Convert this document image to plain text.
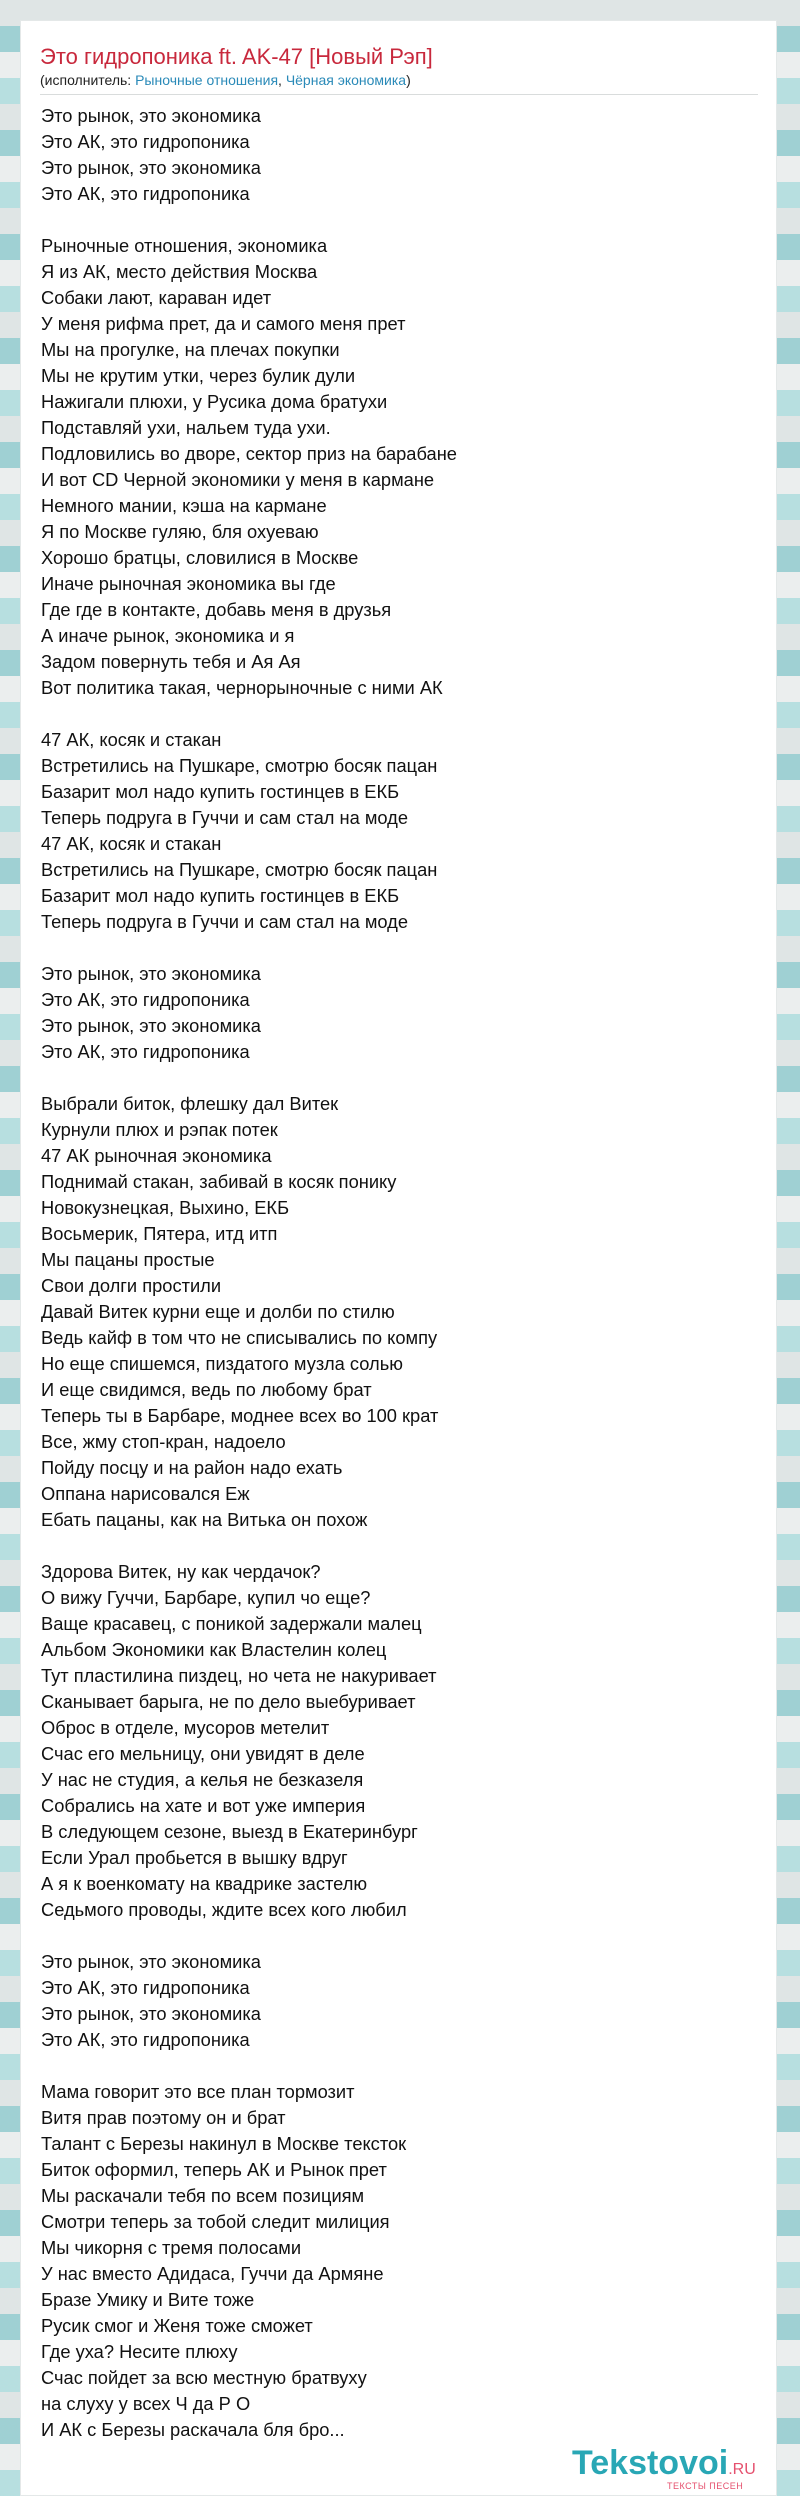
Это гидропоника ft. AK-47 [Новый Рэп]
(исполнитель: Рыночные отношения, Чёрная экономика)
Это рынок, это экономика
Это АК, это гидропоника
Это рынок, это экономика
Это АК, это гидропоника
Рыночные отношения, экономика
Я из АК, место действия Москва
Собаки лают, караван идет
У меня рифма прет, да и самого меня прет
Мы на прогулке, на плечах покупки
Мы не крутим утки, через булик дули
Нажигали плюхи, у Русика дома братухи
Подставляй ухи, нальем туда ухи.
Подловились во дворе, сектор приз на барабане
И вот CD Черной экономики у меня в кармане
Немного мании, кэша на кармане
Я по Москве гуляю, бля охуеваю
Хорошо братцы, словилися в Москве
Иначе рыночная экономика вы где
Где где в контакте, добавь меня в друзья
А иначе рынок, экономика и я
Задом повернуть тебя и Ая Ая
Вот политика такая, чернорыночные с ними АК
47 АК, косяк и стакан
Встретились на Пушкаре, смотрю босяк пацан
Базарит мол надо купить гостинцев в ЕКБ
Теперь подруга в Гуччи и сам стал на моде
47 АК, косяк и стакан
Встретились на Пушкаре, смотрю босяк пацан
Базарит мол надо купить гостинцев в ЕКБ
Теперь подруга в Гуччи и сам стал на моде
Это рынок, это экономика
Это АК, это гидропоника
Это рынок, это экономика
Это АК, это гидропоника
Выбрали биток, флешку дал Витек
Курнули плюх и рэпак потек
47 АК рыночная экономика
Поднимай стакан, забивай в косяк понику
Новокузнецкая, Выхино, ЕКБ
Восьмерик, Пятера, итд итп
Мы пацаны простые
Свои долги простили
Давай Витек курни еще и долби по стилю
Ведь кайф в том что не списывались по компу
Но еще спишемся, пиздатого музла солью
И еще свидимся, ведь по любому брат
Теперь ты в Барбаре, моднее всех во 100 крат
Все, жму стоп-кран, надоело
Пойду посцу и на район надо ехать
Оппана нарисовался Еж
Ебать пацаны, как на Витька он похож
Здорова Витек, ну как чердачок?
О вижу Гуччи, Барбаре, купил чо еще?
Ваще красавец, с поникой задержали малец
Альбом Экономики как Властелин колец
Тут пластилина пиздец, но чета не накуривает
Сканывает барыга, не по дело выебуривает
Оброс в отделе, мусоров метелит
Счас его мельницу, они увидят в деле
У нас не студия, а келья не безказеля
Собрались на хате и вот уже империя
В следующем сезоне, выезд в Екатеринбург
Если Урал пробьется в вышку вдруг
А я к военкомату на квадрике застелю
Седьмого проводы, ждите всех кого любил
Это рынок, это экономика
Это АК, это гидропоника
Это рынок, это экономика
Это АК, это гидропоника
Мама говорит это все план тормозит
Витя прав поэтому он и брат
Талант с Березы накинул в Москве тексток
Биток оформил, теперь АК и Рынок прет
Мы раскачали тебя по всем позициям
Смотри теперь за тобой следит милиция
Мы чикорня с тремя полосами
У нас вместо Адидаса, Гуччи да Армяне
Бразе Умику и Вите тоже
Русик смог и Женя тоже сможет
Где уха? Несите плюху
Счас пойдет за всю местную братвуху
на слуху у всех Ч да Р О
И АК с Березы раскачала бля бро...
Tekstovoi.RU
ТЕКСТЫ ПЕСЕН
